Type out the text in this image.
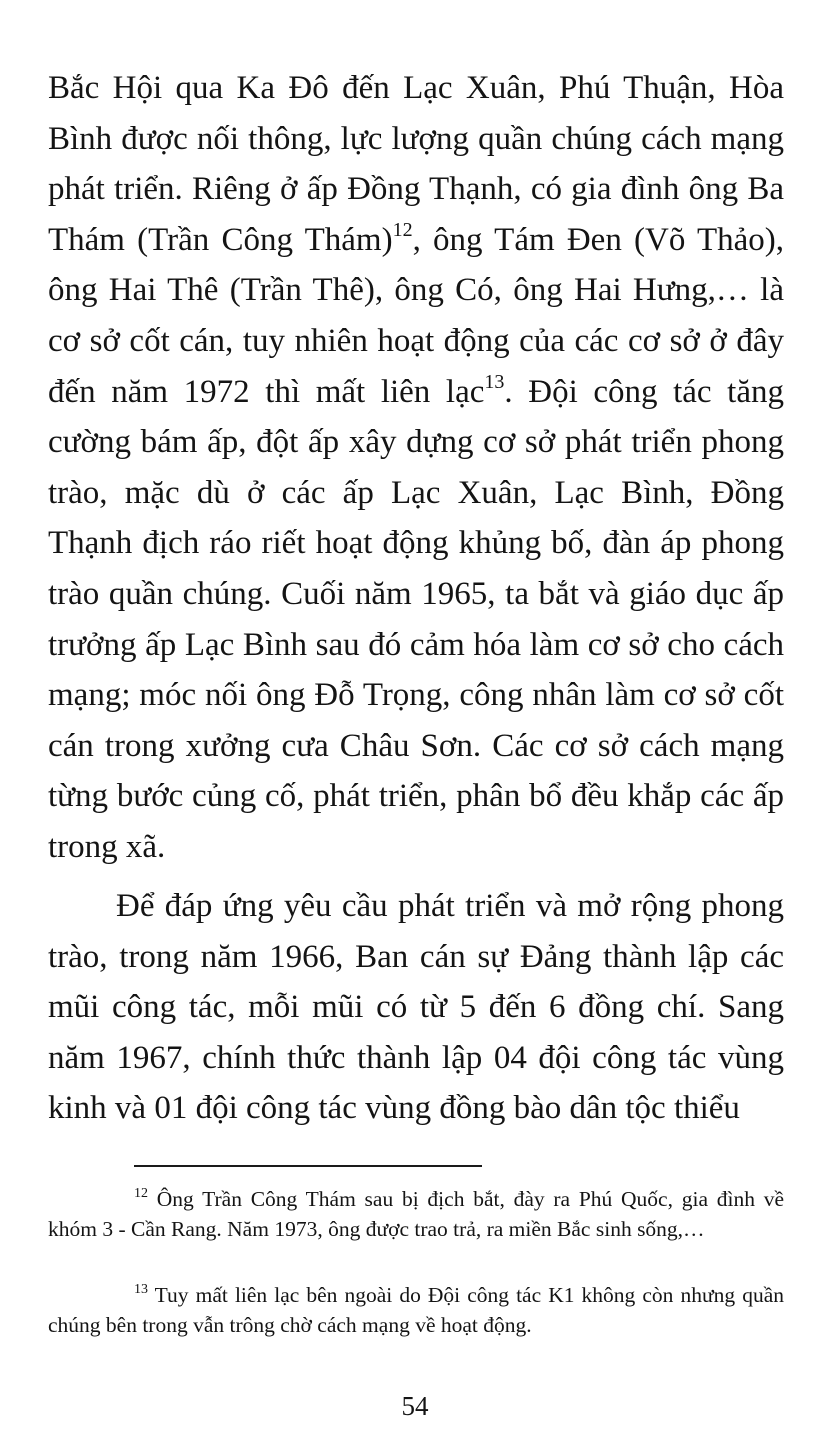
Bắc Hội qua Ka Đô đến Lạc Xuân, Phú Thuận, Hòa Bình được nối thông, lực lượng quần chúng cách mạng phát triển. Riêng ở ấp Đồng Thạnh, có gia đình ông Ba Thám (Trần Công Thám)$^{12}$, ông Tám Đen (Võ Thảo), ông Hai Thê (Trần Thê), ông Có, ông Hai Hưng,… là cơ sở cốt cán, tuy nhiên hoạt động của các cơ sở ở đây đến năm 1972 thì mất liên lạc$^{13}$. Đội công tác tăng cường bám ấp, đột ấp xây dựng cơ sở phát triển phong trào, mặc dù ở các ấp Lạc Xuân, Lạc Bình, Đồng Thạnh địch ráo riết hoạt động khủng bố, đàn áp phong trào quần chúng. Cuối năm 1965, ta bắt và giáo dục ấp trưởng ấp Lạc Bình sau đó cảm hóa làm cơ sở cho cách mạng; móc nối ông Đỗ Trọng, công nhân làm cơ sở cốt cán trong xưởng cưa Châu Sơn. Các cơ sở cách mạng từng bước củng cố, phát triển, phân bổ đều khắp các ấp trong xã.

Để đáp ứng yêu cầu phát triển và mở rộng phong trào, trong năm 1966, Ban cán sự Đảng thành lập các mũi công tác, mỗi mũi có từ 5 đến 6 đồng chí. Sang năm 1967, chính thức thành lập 04 đội công tác vùng kinh và 01 đội công tác vùng đồng bào dân tộc thiểu

$^{12}$ Ông Trần Công Thám sau bị địch bắt, đày ra Phú Quốc, gia đình về khóm 3 - Cần Rang. Năm 1973, ông được trao trả, ra miền Bắc sinh sống,…

$^{13}$ Tuy mất liên lạc bên ngoài do Đội công tác K1 không còn nhưng quần chúng bên trong vẫn trông chờ cách mạng về hoạt động.

54
